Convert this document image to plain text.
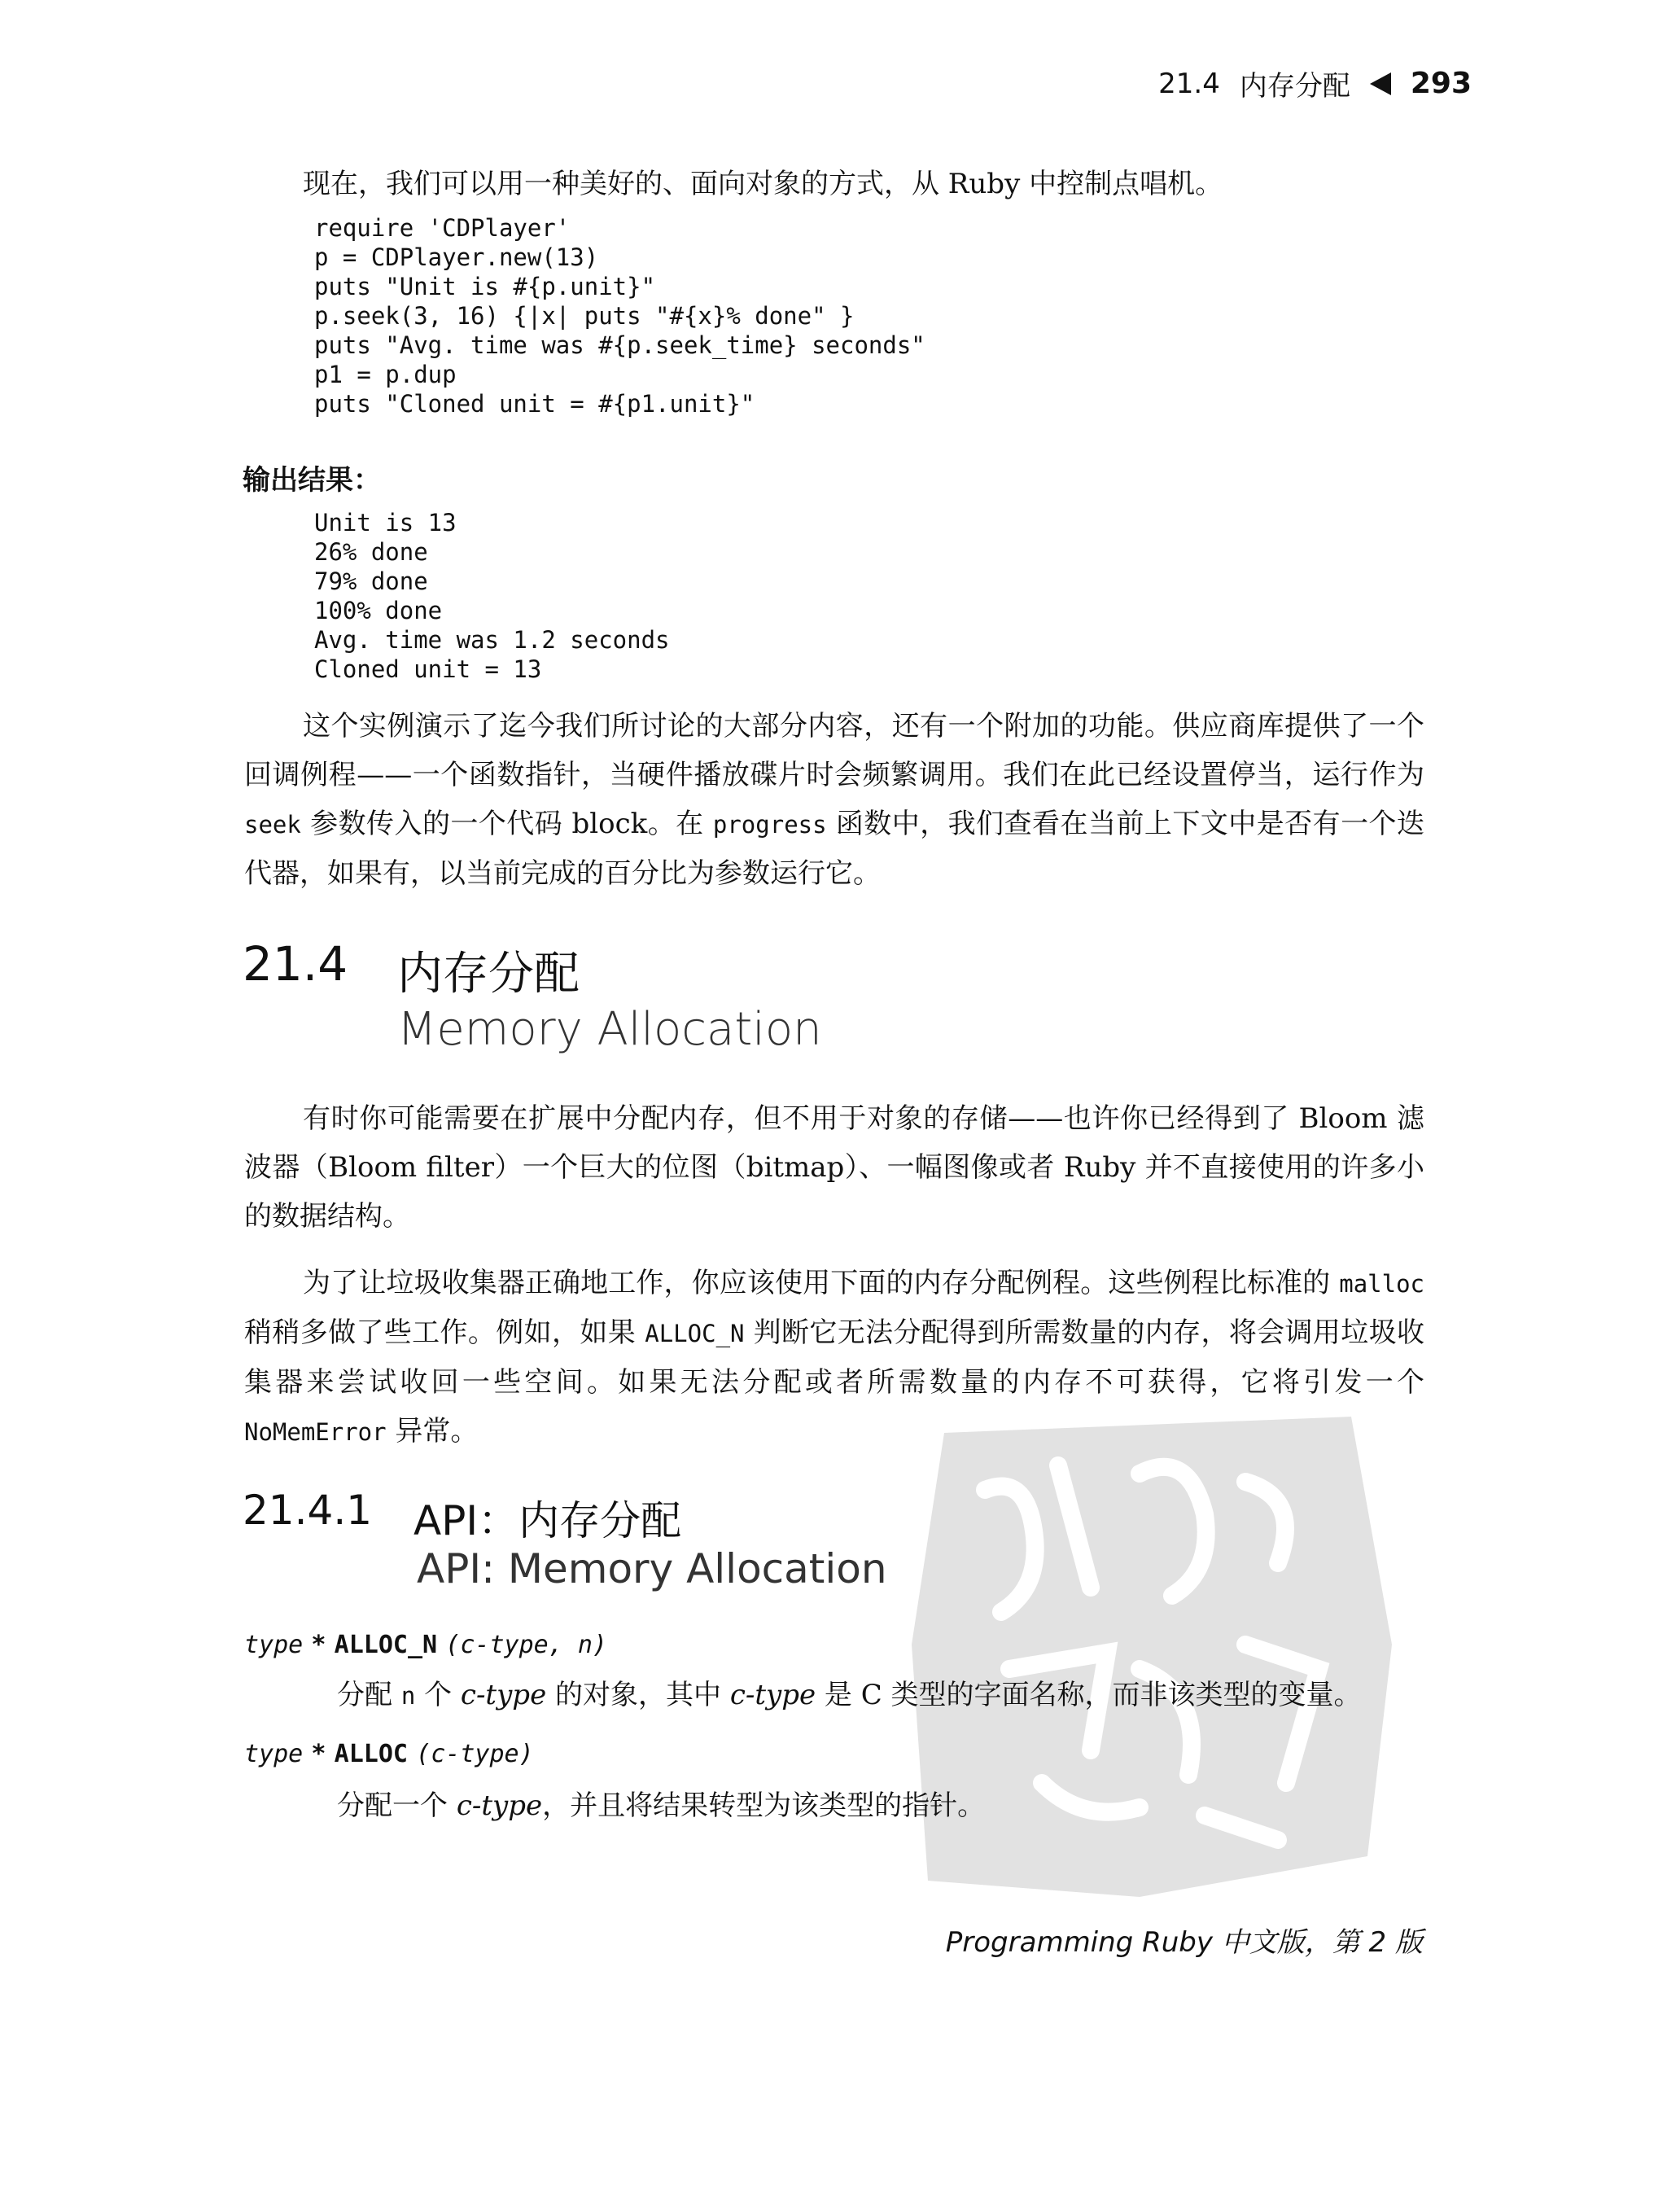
21.4 内存分配 293
现在，我们可以用一种美好的、面向对象的方式，从 Ruby 中控制点唱机。
require 'CDPlayer'
p = CDPlayer.new(13)
puts "Unit is #{p.unit}"
p.seek(3, 16) {|x| puts "#{x}% done" }
puts "Avg. time was #{p.seek_time} seconds"
p1 = p.dup
puts "Cloned unit = #{p1.unit}"
输出结果：
Unit is 13
26% done
79% done
100% done
Avg. time was 1.2 seconds
Cloned unit = 13
这个实例演示了迄今我们所讨论的大部分内容，还有一个附加的功能。供应商库提供了一个回调例程——一个函数指针，当硬件播放碟片时会频繁调用。我们在此已经设置停当，运行作为 seek 参数传入的一个代码 block。在 progress 函数中，我们查看在当前上下文中是否有一个迭代器，如果有，以当前完成的百分比为参数运行它。
21.4 内存分配
Memory Allocation
有时你可能需要在扩展中分配内存，但不用于对象的存储——也许你已经得到了 Bloom 滤波器（Bloom filter）一个巨大的位图（bitmap）、一幅图像或者 Ruby 并不直接使用的许多小的数据结构。
为了让垃圾收集器正确地工作，你应该使用下面的内存分配例程。这些例程比标准的 malloc 稍稍多做了些工作。例如，如果 ALLOC_N 判断它无法分配得到所需数量的内存，将会调用垃圾收集器来尝试收回一些空间。如果无法分配或者所需数量的内存不可获得，它将引发一个 NoMemError 异常。
21.4.1 API：内存分配
API: Memory Allocation
type * ALLOC_N (c-type, n)
分配 n 个 c-type 的对象，其中 c-type 是 C 类型的字面名称，而非该类型的变量。
type * ALLOC (c-type)
分配一个 c-type，并且将结果转型为该类型的指针。
Programming Ruby 中文版，第 2 版
